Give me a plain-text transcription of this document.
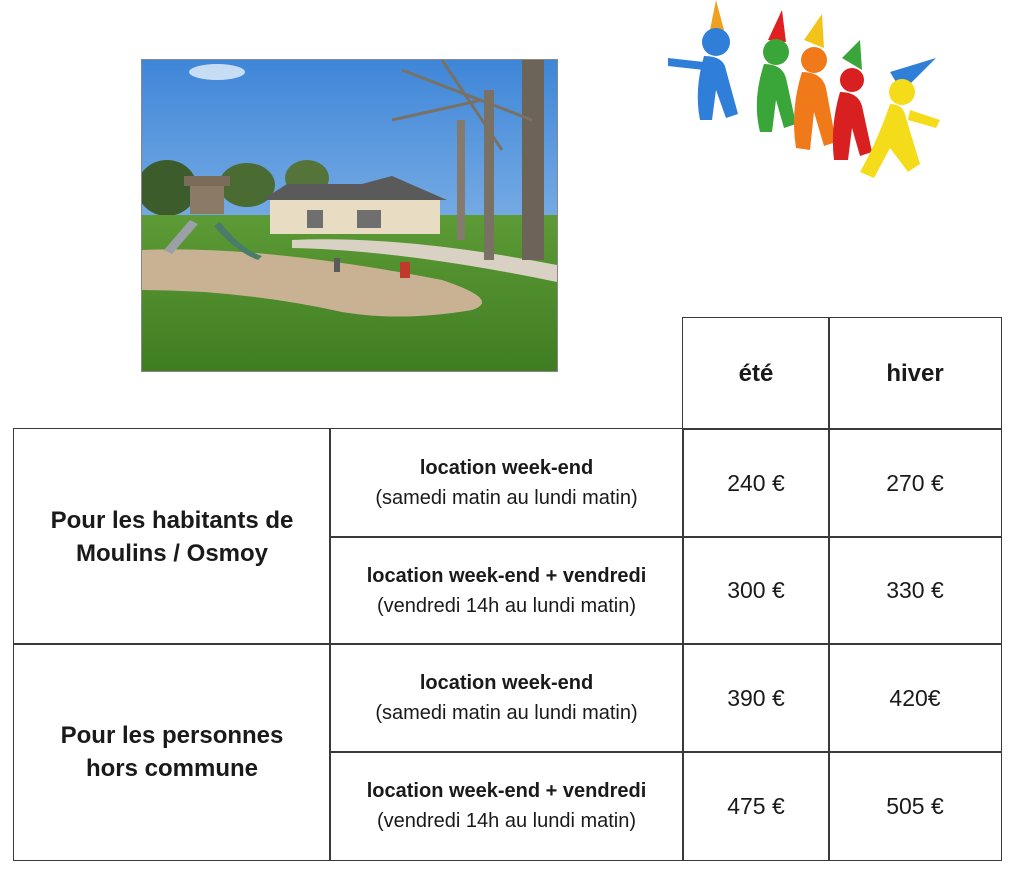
été	hiver
Pour les habitants de
Moulins / Osmoy
location week-end
(samedi matin au lundi matin)
240 €	270 €
location week-end + vendredi
(vendredi 14h au lundi matin)
300 €	330 €
Pour les personnes
hors commune
location week-end
(samedi matin au lundi matin)
390 €	420€
location week-end + vendredi
(vendredi 14h au lundi matin)
475 €	505 €
